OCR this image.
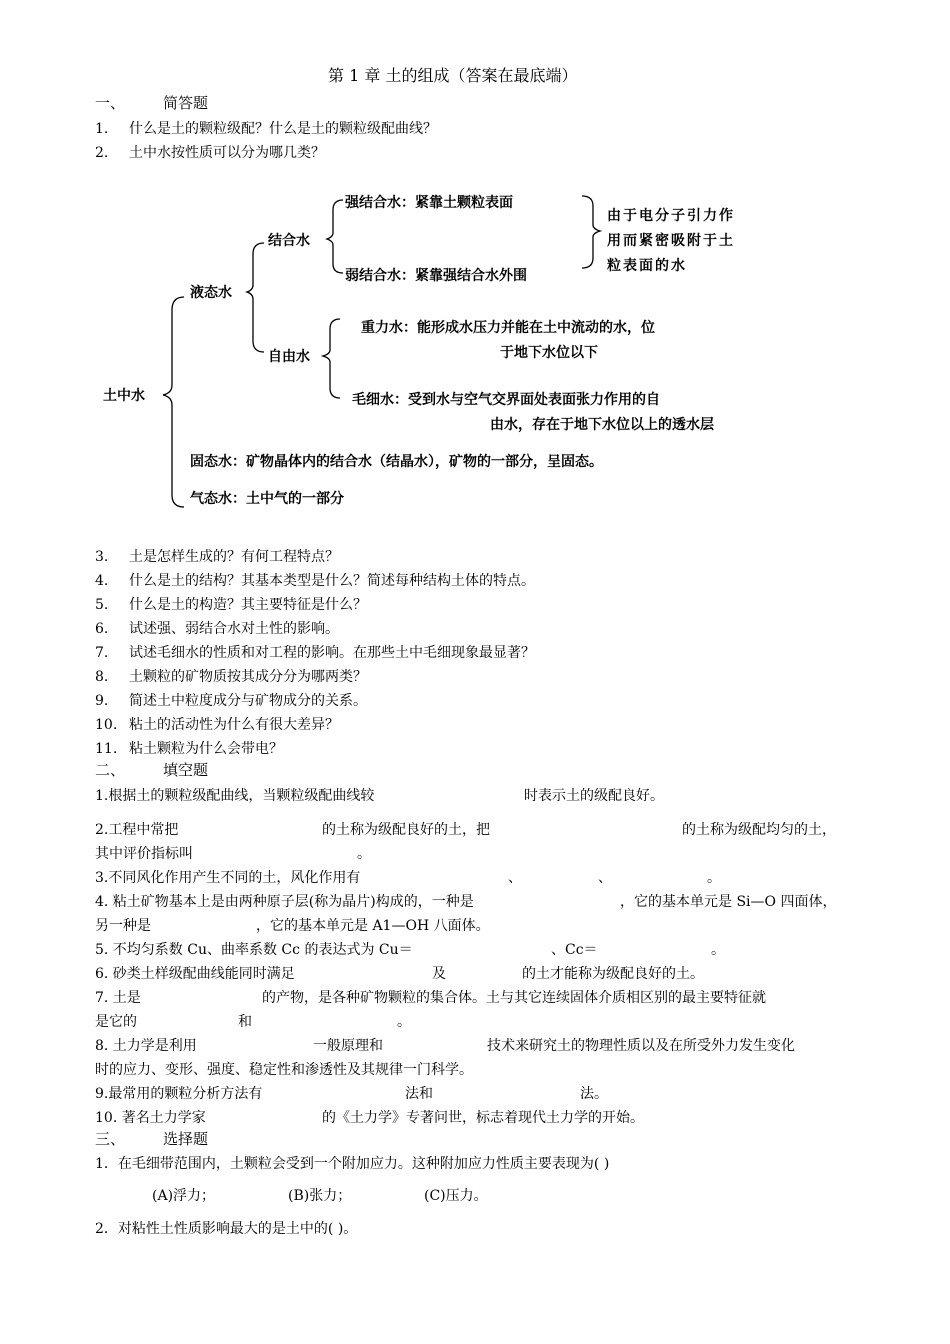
第 1 章 土的组成（答案在最底端）
一、	简答题
1. 什么是土的颗粒级配？什么是土的颗粒级配曲线？
2. 土中水按性质可以分为哪几类？
土中水
液态水
结合水
强结合水：紧靠土颗粒表面
弱结合水：紧靠强结合水外围
由于电分子引力作
用而紧密吸附于土
粒表面的水
自由水
重力水：能形成水压力并能在土中流动的水，位
于地下水位以下
毛细水：受到水与空气交界面处表面张力作用的自
由水，存在于地下水位以上的透水层
固态水：矿物晶体内的结合水（结晶水），矿物的一部分，呈固态。
气态水：土中气的一部分
3. 土是怎样生成的？有何工程特点？
4. 什么是土的结构？其基本类型是什么？简述每种结构土体的特点。
5. 什么是土的构造？其主要特征是什么？
6. 试述强、弱结合水对土性的影响。
7. 试述毛细水的性质和对工程的影响。在那些土中毛细现象最显著？
8. 土颗粒的矿物质按其成分分为哪两类？
9. 简述土中粒度成分与矿物成分的关系。
10. 粘土的活动性为什么有很大差异？
11. 粘土颗粒为什么会带电？
二、	填空题
1.根据土的颗粒级配曲线，当颗粒级配曲线较	时表示土的级配良好。
2.工程中常把	的土称为级配良好的土，把	的土称为级配均匀的土，
其中评价指标叫	。
3.不同风化作用产生不同的土，风化作用有	、	、	。
4. 粘土矿物基本上是由两种原子层(称为晶片)构成的，一种是	，它的基本单元是 Si—O 四面体，
另一种是	，它的基本单元是 A1—OH 八面体。
5. 不均匀系数 Cu、曲率系数 Cc 的表达式为 Cu＝	、Cc＝	。
6. 砂类土样级配曲线能同时满足	及	的土才能称为级配良好的土。
7. 土是	的产物，是各种矿物颗粒的集合体。土与其它连续固体介质相区别的最主要特征就
是它的	和	。
8. 土力学是利用	一般原理和	技术来研究土的物理性质以及在所受外力发生变化
时的应力、变形、强度、稳定性和渗透性及其规律一门科学。
9.最常用的颗粒分析方法有	法和	法。
10. 著名土力学家	的《土力学》专著问世，标志着现代土力学的开始。
三、	选择题
1．在毛细带范围内，土颗粒会受到一个附加应力。这种附加应力性质主要表现为( )
(A)浮力；	(B)张力；	(C)压力。
2．对粘性土性质影响最大的是土中的( )。
